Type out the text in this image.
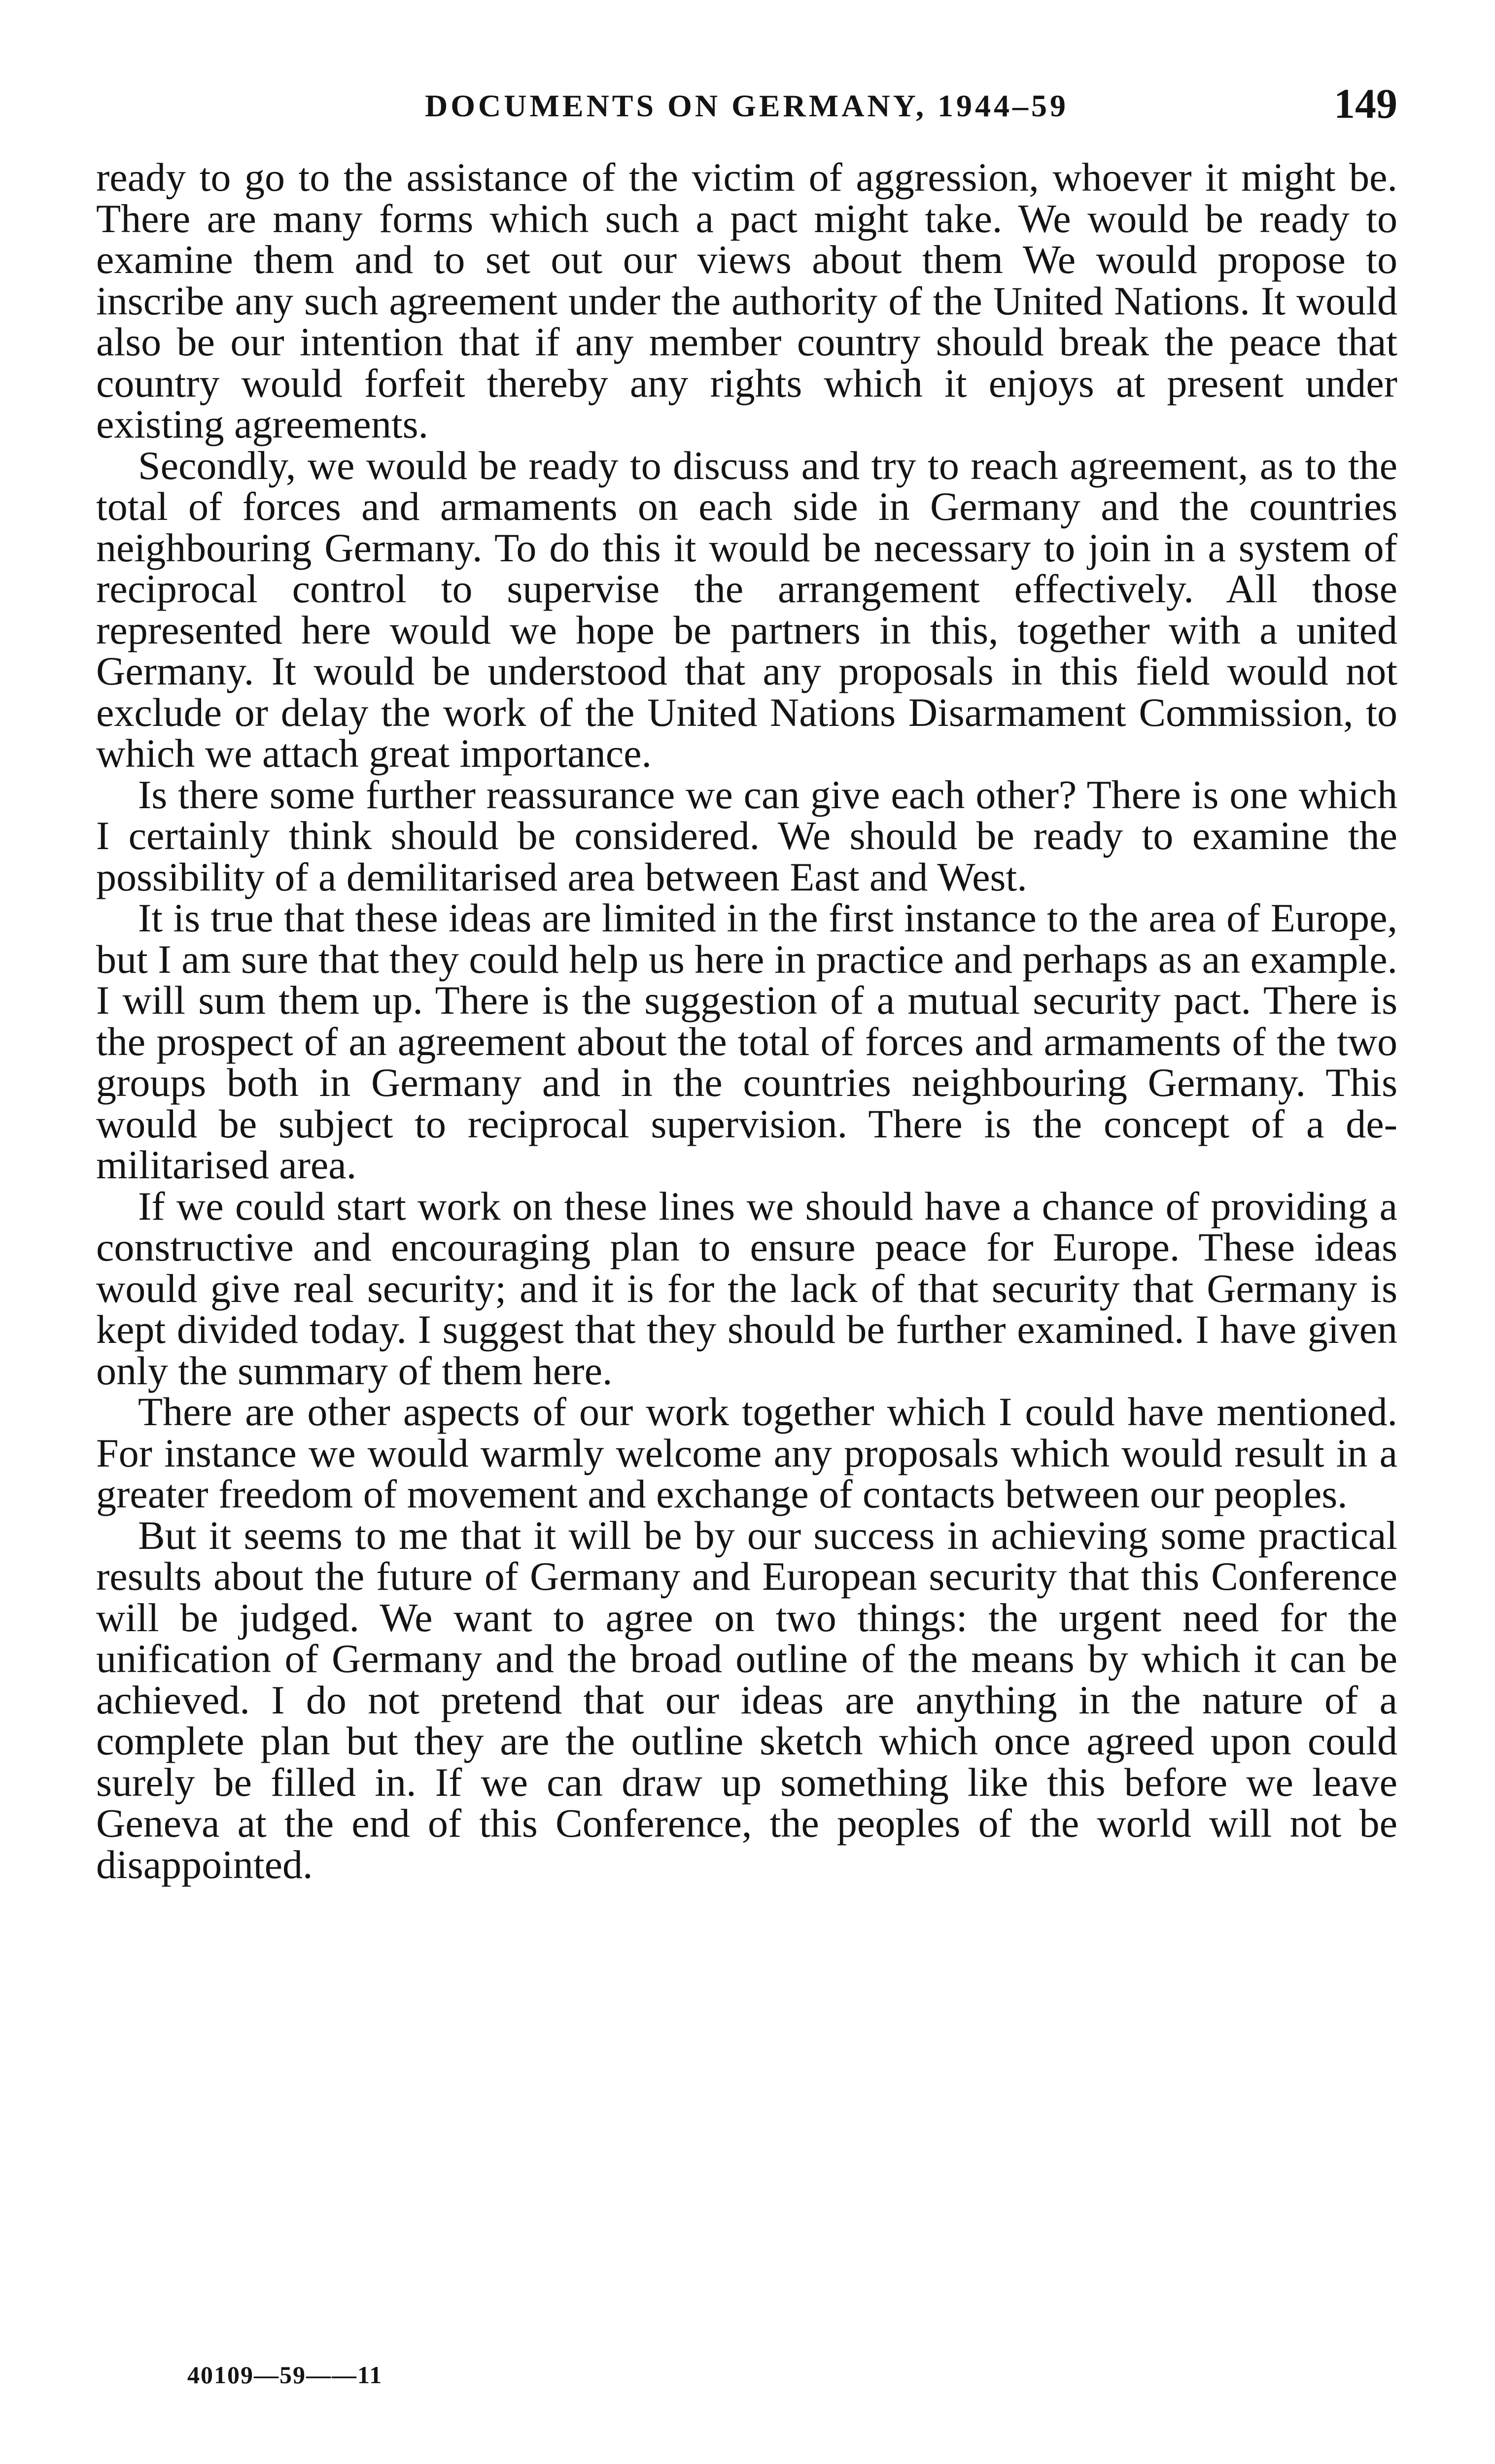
DOCUMENTS ON GERMANY, 1944–59	149

ready to go to the assistance of the victim of aggression, whoever it might be. There are many forms which such a pact might take. We would be ready to examine them and to set out our views about them We would propose to inscribe any such agreement under the authority of the United Nations. It would also be our intention that if any member country should break the peace that country would forfeit thereby any rights which it enjoys at present under existing agreements.

Secondly, we would be ready to discuss and try to reach agreement, as to the total of forces and armaments on each side in Germany and the countries neighbouring Germany. To do this it would be necessary to join in a system of reciprocal control to supervise the arrangement effectively. All those represented here would we hope be partners in this, together with a united Germany. It would be understood that any proposals in this field would not exclude or delay the work of the United Nations Disarmament Commission, to which we attach great importance.

Is there some further reassurance we can give each other? There is one which I certainly think should be considered. We should be ready to examine the possibility of a demilitarised area between East and West.

It is true that these ideas are limited in the first instance to the area of Europe, but I am sure that they could help us here in practice and perhaps as an example. I will sum them up. There is the suggestion of a mutual security pact. There is the prospect of an agreement about the total of forces and armaments of the two groups both in Germany and in the countries neighbouring Germany. This would be subject to reciprocal supervision. There is the concept of a demilitarised area.

If we could start work on these lines we should have a chance of providing a constructive and encouraging plan to ensure peace for Europe. These ideas would give real security; and it is for the lack of that security that Germany is kept divided today. I suggest that they should be further examined. I have given only the summary of them here.

There are other aspects of our work together which I could have mentioned. For instance we would warmly welcome any proposals which would result in a greater freedom of movement and exchange of contacts between our peoples.

But it seems to me that it will be by our success in achieving some practical results about the future of Germany and European security that this Conference will be judged. We want to agree on two things: the urgent need for the unification of Germany and the broad outline of the means by which it can be achieved. I do not pretend that our ideas are anything in the nature of a complete plan but they are the outline sketch which once agreed upon could surely be filled in. If we can draw up something like this before we leave Geneva at the end of this Conference, the peoples of the world will not be disappointed.

40109—59——11
